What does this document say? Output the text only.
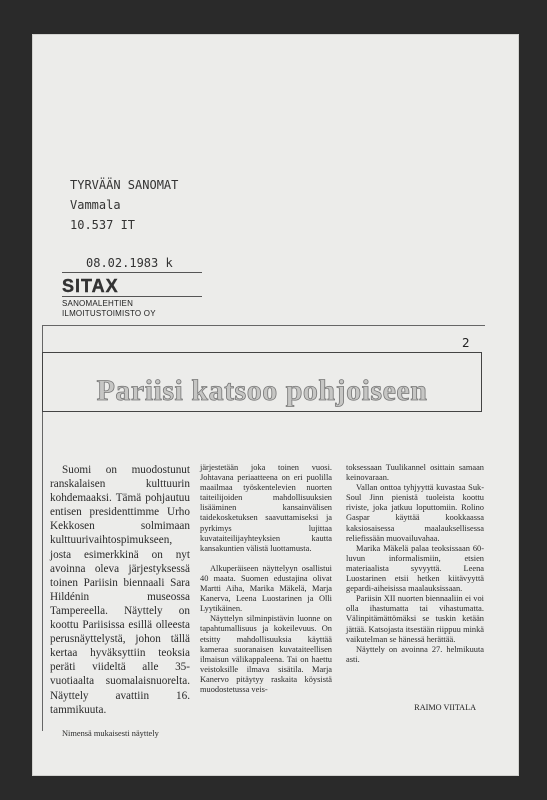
TYRVÄÄN SANOMAT
Vammala
10.537 IT
08.02.1983 k
SITAX
SANOMALEHTIEN
ILMOITUSTOIMISTO OY
2
Pariisi katsoo pohjoiseen

Suomi on muodostunut ranskalaisen kulttuurin kohdemaaksi. Tämä pohjautuu entisen presidenttimme Urho Kekkosen solmimaan kulttuurivaihtospimukseen, josta esimerkkinä on nyt avoinna oleva järjestyksessä toinen Pariisin biennaali Sara Hildénin museossa Tampereella. Näyttely on koottu Pariisissa esillä olleesta perusnäyttelystä, johon tällä kertaa hyväksyttiin teoksia peräti viideltä alle 35-vuotiaalta suomalaisnuorelta. Näyttely avattiin 16. tammikuuta.

Nimensä mukaisesti näyttely

järjestetään joka toinen vuosi. Johtavana periaatteena on eri puolilla maailmaa työskentelevien nuorten taiteilijoiden mahdollisuuksien lisääminen kansainvälisen taidekosketuksen saavuttamiseksi ja pyrkimys lujittaa kuvataiteilijayhteyksien kautta kansakuntien välistä luottamusta.

Alkuperäiseen näyttelyyn osallistui 40 maata. Suomen edustajina olivat Martti Aiha, Marika Mäkelä, Marja Kanerva, Leena Luostarinen ja Olli Lyytikäinen.

Näyttelyn silminpistävin luonne on tapahtumallisuus ja kokeilevuus. On etsitty mahdollisuuksia käyttää kameraa suoranaisen kuvataiteellisen ilmaisun välikappaleena. Tai on haettu veistoksille ilmava sisätila. Marja Kanervo pitäytyy raskaita köysistä muodostetussa veis-

toksessaan Tuulikannel osittain samaan keinovaraan.

Vallan onttoa tyhjyyttä kuvastaa Suk-Soul Jinn pienistä tuoleista koottu riviste, joka jatkuu loputtomiin. Rolino Gaspar käyttää kookkaassa kaksiosaisessa maalauksellisessa reliefissään muovailuvahaa.

Marika Mäkelä palaa teoksissaan 60-luvun informalismiin, etsien materiaalista syvyyttä. Leena Luostarinen etsii hetken kiitävyyttä gepardi-aiheisissa maalauksissaan.

Pariisin XII nuorten biennaaliin ei voi olla ihastumatta tai vihastumatta. Välinpitämättömäksi se tuskin ketään jättää. Katsojasta itsestään riippuu minkä vaikutelman se hänessä herättää.

Näyttely on avoinna 27. helmikuuta asti.

RAIMO VIITALA
